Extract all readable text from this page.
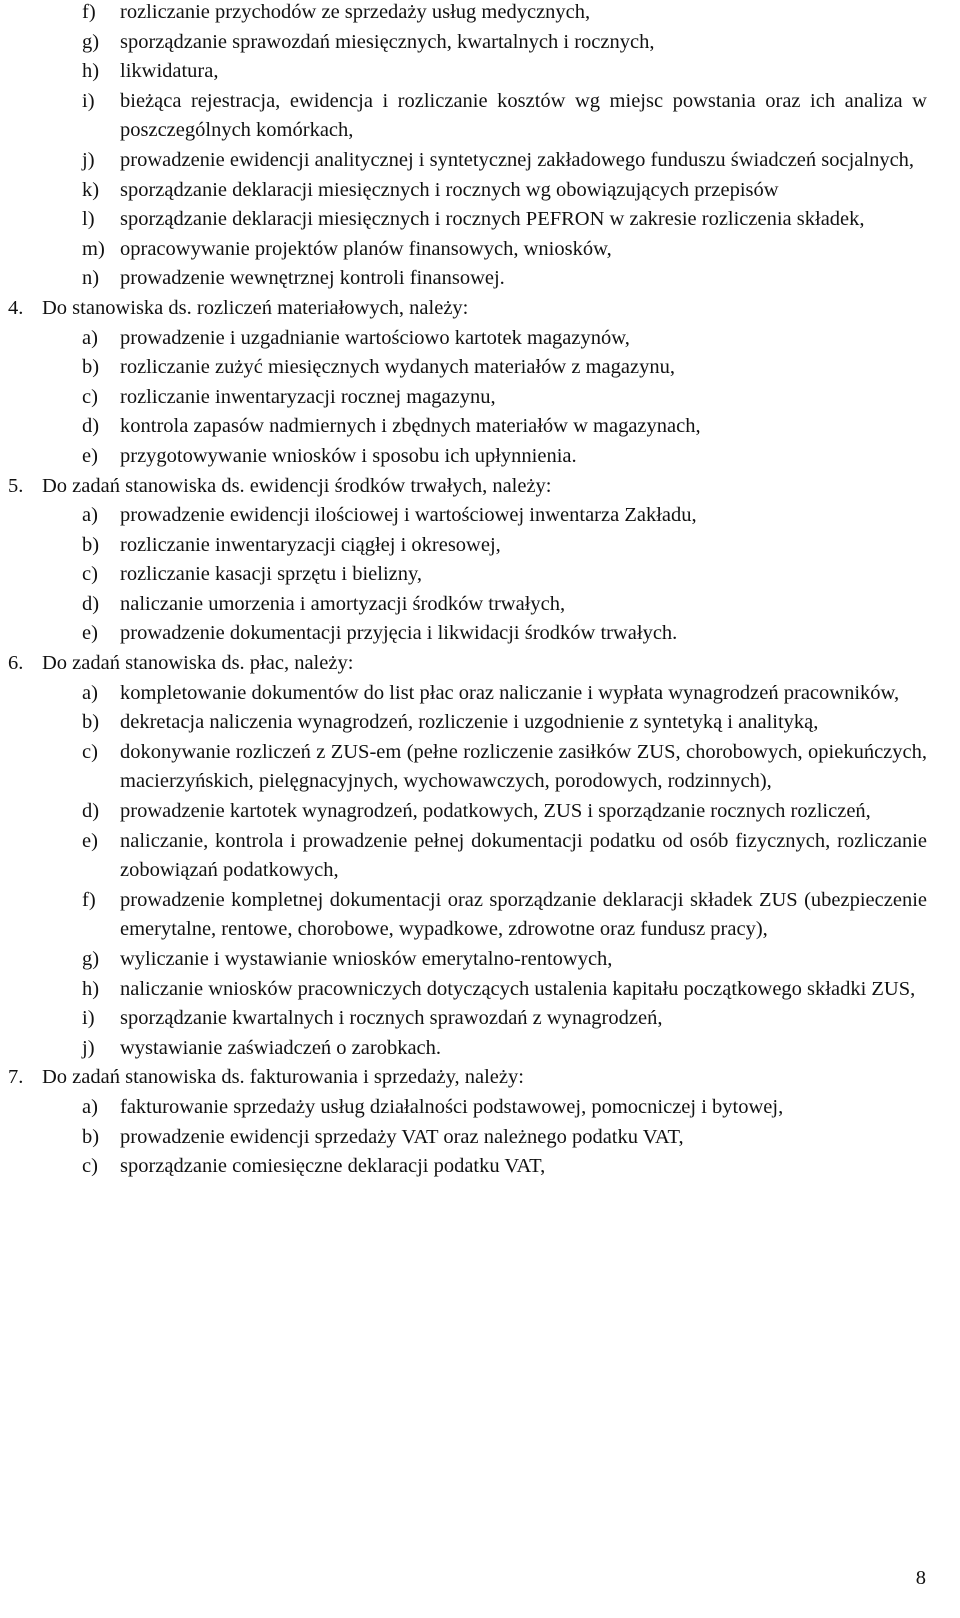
f)	rozliczanie przychodów ze sprzedaży usług medycznych,
g)	sporządzanie sprawozdań miesięcznych, kwartalnych i rocznych,
h)	likwidatura,
i)	bieżąca rejestracja, ewidencja i rozliczanie kosztów wg miejsc powstania oraz ich analiza w poszczególnych komórkach,
j)	prowadzenie ewidencji analitycznej i syntetycznej zakładowego funduszu świadczeń socjalnych,
k)	sporządzanie deklaracji miesięcznych i rocznych wg obowiązujących przepisów
l)	sporządzanie deklaracji miesięcznych i rocznych PEFRON w zakresie rozliczenia składek,
m) opracowywanie projektów planów finansowych, wniosków,
n)	prowadzenie wewnętrznej kontroli finansowej.
4. Do stanowiska ds. rozliczeń materiałowych, należy:
a)	prowadzenie i uzgadnianie wartościowo kartotek magazynów,
b)	rozliczanie zużyć miesięcznych wydanych materiałów z magazynu,
c)	rozliczanie inwentaryzacji rocznej magazynu,
d)	kontrola zapasów nadmiernych i zbędnych materiałów w magazynach,
e)	przygotowywanie wniosków i sposobu ich upłynnienia.
5. Do zadań stanowiska ds. ewidencji środków trwałych, należy:
a)	prowadzenie ewidencji ilościowej i wartościowej inwentarza Zakładu,
b)	rozliczanie inwentaryzacji ciągłej i okresowej,
c)	rozliczanie kasacji sprzętu i bielizny,
d)	naliczanie umorzenia i amortyzacji środków trwałych,
e)	prowadzenie dokumentacji przyjęcia i likwidacji środków trwałych.
6. Do zadań stanowiska ds. płac, należy:
a)	kompletowanie dokumentów do list płac oraz naliczanie i wypłata wynagrodzeń pracowników,
b)	dekretacja naliczenia wynagrodzeń, rozliczenie i uzgodnienie z syntetyką i analityką,
c)	dokonywanie rozliczeń z ZUS-em (pełne rozliczenie zasiłków ZUS, chorobowych, opiekuńczych, macierzyńskich, pielęgnacyjnych, wychowawczych, porodowych, rodzinnych),
d)	prowadzenie kartotek wynagrodzeń, podatkowych, ZUS i sporządzanie rocznych rozliczeń,
e)	naliczanie, kontrola i prowadzenie pełnej dokumentacji podatku od osób fizycznych, rozliczanie zobowiązań podatkowych,
f)	prowadzenie kompletnej dokumentacji oraz sporządzanie deklaracji składek ZUS (ubezpieczenie emerytalne, rentowe, chorobowe, wypadkowe, zdrowotne oraz fundusz pracy),
g)	wyliczanie i wystawianie wniosków emerytalno-rentowych,
h)	naliczanie wniosków pracowniczych dotyczących ustalenia kapitału początkowego składki ZUS,
i)	sporządzanie kwartalnych i rocznych sprawozdań z wynagrodzeń,
j)	wystawianie zaświadczeń o zarobkach.
7. Do zadań stanowiska ds. fakturowania i sprzedaży, należy:
a)	fakturowanie sprzedaży usług działalności podstawowej, pomocniczej i bytowej,
b)	prowadzenie ewidencji sprzedaży VAT oraz należnego podatku VAT,
c)	sporządzanie comiesięczne deklaracji podatku VAT,
8
